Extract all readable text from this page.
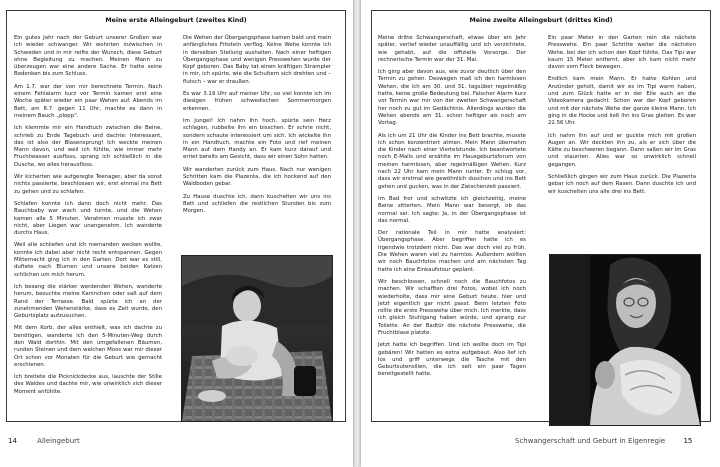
Meine erste Alleingeburt (zweites Kind)

Ein gutes Jahr nach der Geburt unserer Großen war ich wieder schwanger. Wir wohnten inzwischen in Schweden und in mir reifte der Wunsch, diese Geburt ohne Begleitung zu machen. Meinen Mann zu überzeugen war eine andere Sache. Er hatte seine Bedenken bis zum Schluss.

Am 1.7. war der von mir berechnete Termin. Nach einem Fehlalarm kurz vor Termin kamen erst eine Woche später wieder ein paar Wehen auf. Abends im Bett, am 8.7. gegen 11 Uhr, machte es dann in meinem Bauch „plopp“.

Ich klemmte mir ein Handtuch zwischen die Beine, schrieb zu Ende Tagebuch und dachte: Interessant, das ist also der Blasensprung! Ich weckte meinen Mann davon, und weil ich fühlte, wie immer mehr Fruchtwasser ausfloss, sprang ich schließlich in die Dusche, wo alles herausfloss.

Wir kicherten wie aufgeregte Teenager, aber da sonst nichts passierte, beschlossen wir, erst einmal ins Bett zu gehen und zu schlafen.

Schlafen konnte ich dann doch nicht mehr. Das Bauchbaby war wach und turnte, und die Wehen kamen alle 5 Minuten. Veratmen musste ich zwar nicht, aber Liegen war unangenehm. Ich wanderte durchs Haus.

Weil alle schliefen und ich niemanden wecken wollte, konnte ich dabei aber nicht recht entspannen. Gegen Mitternacht ging ich in den Garten. Dort war es still, duftete nach Blumen und unsere beiden Katzen schlichen um mich herum.

Ich besang die stärker werdenden Wehen, wanderte herum, besuchte meine Kaninchen oder saß auf dem Rand der Terrasse. Bald spürte ich an der zunehmenden Wehenstärke, dass es Zeit wurde, den Geburtsplatz aufzusuchen.

Mit dem Korb, der alles enthielt, was ich dachte zu benötigen, wanderte ich den 5-Minuten-Weg durch den Wald dorthin. Mit den umgefallenen Bäumen, runden Steinen und dem weichen Moos war mir dieser Ort schon vor Monaten für die Geburt wie gemacht erschienen.

Ich breitete die Picknickdecke aus, lauschte der Stille des Waldes und dachte mir, wie unwirklich sich dieser Moment anfühlte.

Die Wehen der Übergangsphase kamen bald und mein anfängliches Frösteln verflog. Keine Wehe konnte ich in derselben Stellung aushalten. Nach einer heftigen Übergangsphase und wenigen Presswehen wurde der Kopf geboren. Das Baby tat einen kräftigen Strampler in mir, ich spürte, wie die Schultern sich drehten und – flutsch – war er draußen.

Es war 3.19 Uhr auf meiner Uhr, so viel konnte ich im diesigen frühen schwedischen Sommermorgen erkennen.

Im Jungel! Ich nahm ihn hoch, spürte sein Herz schlagen, rubbelte ihn ein bisschen. Er schrie nicht, sondern schaute interessiert um sich. Ich wickelte ihn in ein Handtuch, machte ein Foto und rief meinen Mann auf dem Handy an. Er kam kurz darauf und erriet bereits am Gesicht, dass wir einen Sohn hatten.

Wir wanderten zurück zum Haus. Nach nur wenigen Schritten kam die Plazenta, die ich hockend auf den Waldboden gebar.

Zu Hause duschte ich, dann kuschelten wir uns ins Bett und schliefen die restlichen Stunden bis zum Morgen.

14	Alleingeburt
Meine zweite Alleingeburt (drittes Kind)

Meine dritte Schwangerschaft, etwas über ein Jahr später, verlief wieder unauffällig und ich verzichtete, wie gehabt, auf die offizielle Vorsorge. Der rechnerische Termin war der 31. Mai.

Ich ging aber davon aus, wie zuvor deutlich über den Termin zu gehen. Deswegen maß ich den harmlosen Wehen, die ich am 30. und 31. tagsüber regelmäßig hatte, keine große Bedeutung bei. Falscher Alarm kurz vor Termin war mir von der zweiten Schwangerschaft her noch zu gut im Gedächtnis. Allerdings wurden die Wehen abends am 31. schon heftiger als noch am Vortag.

Als ich um 21 Uhr die Kinder ins Bett brachte, musste ich schon konzentriert atmen. Mein Mann übernahm die Kinder nach einer Viertelstunde. Ich beantwortete noch E-Mails und erzählte im Hausgeburtsforum von meinen harmlosen, aber regelmäßigen Wehen. Kurz nach 22 Uhr kam mein Mann runter. Er schlug vor, dass wir erstmal wie gewöhnlich duschen und ins Bett gehen und gucken, was in der Zwischenzeit passiert.

Im Bad fror und schwitzte ich gleichzeitig, meine Beine zitterten. Mein Mann war besorgt, ob das normal sei. Ich sagte: Ja, in der Übergangsphase ist das normal.

Der rationale Teil in mir hatte analysiert: Übergangsphase. Aber begriffen hatte ich es irgendwie trotzdem nicht. Das war doch viel zu früh. Die Wehen waren viel zu harmlos. Außerdem wollten wir noch Bauchfotos machen und am nächsten Tag hatte ich eine Einkaufstour geplant.

Wir beschlossen, schnell noch die Bauchfotos zu machen. Wir schafften drei Fotos, wobei ich noch wiederholte, dass mir eine Geburt heute, hier und jetzt eigentlich gar nicht passt. Beim letzten Foto rollte die erste Presswehe über mich. Ich merkte, dass ich gleich Stuhlgang haben würde, und sprang zur Toilette. An der Badtür die nächste Presswehe, die Fruchtblase platzte.

Jetzt hatte ich begriffen. Und ich wollte doch im Tipi gebären! Wir hatten es extra aufgebaut. Also lief ich los und griff unterwegs die Tasche mit den Geburtsutensilien, die ich seit ein paar Tagen bereitgestellt hatte.

Ein paar Meter in den Garten rein die nächste Presswehe. Ein paar Schritte weiter die nächsten Wehe, bei der ich schon den Kopf fühlte. Das Tipi war kaum 15 Meter entfernt, aber ich kam nicht mehr davon vom Fleck bewegen.

Endlich kam mein Mann. Er hatte Kohlen und Anzünder geholt, damit wir es im Tipi warm haben, und zum Glück hatte er in der Eile auch an die Videokamera gedacht. Schon war der Kopf geboren und mit der nächste Wehe der ganze kleine Mann. Ich ging in die Hocke und ließ ihn ins Gras gleiten. Es war 22.56 Uhr.

Ich nahm ihn auf und er guckte mich mit großen Augen an. Wir deckten ihn zu, als er sich über die Kälte zu beschweren begann. Dann saßen wir im Gras und staunten. Alles war so unwirklich schnell gegangen.

Schließlich gingen wir zum Haus zurück. Die Plazenta gebar ich noch auf dem Rasen. Dann duschte ich und wir kuschelten uns alle drei ins Bett.

Schwangerschaft und Geburt in Eigenregie	15
